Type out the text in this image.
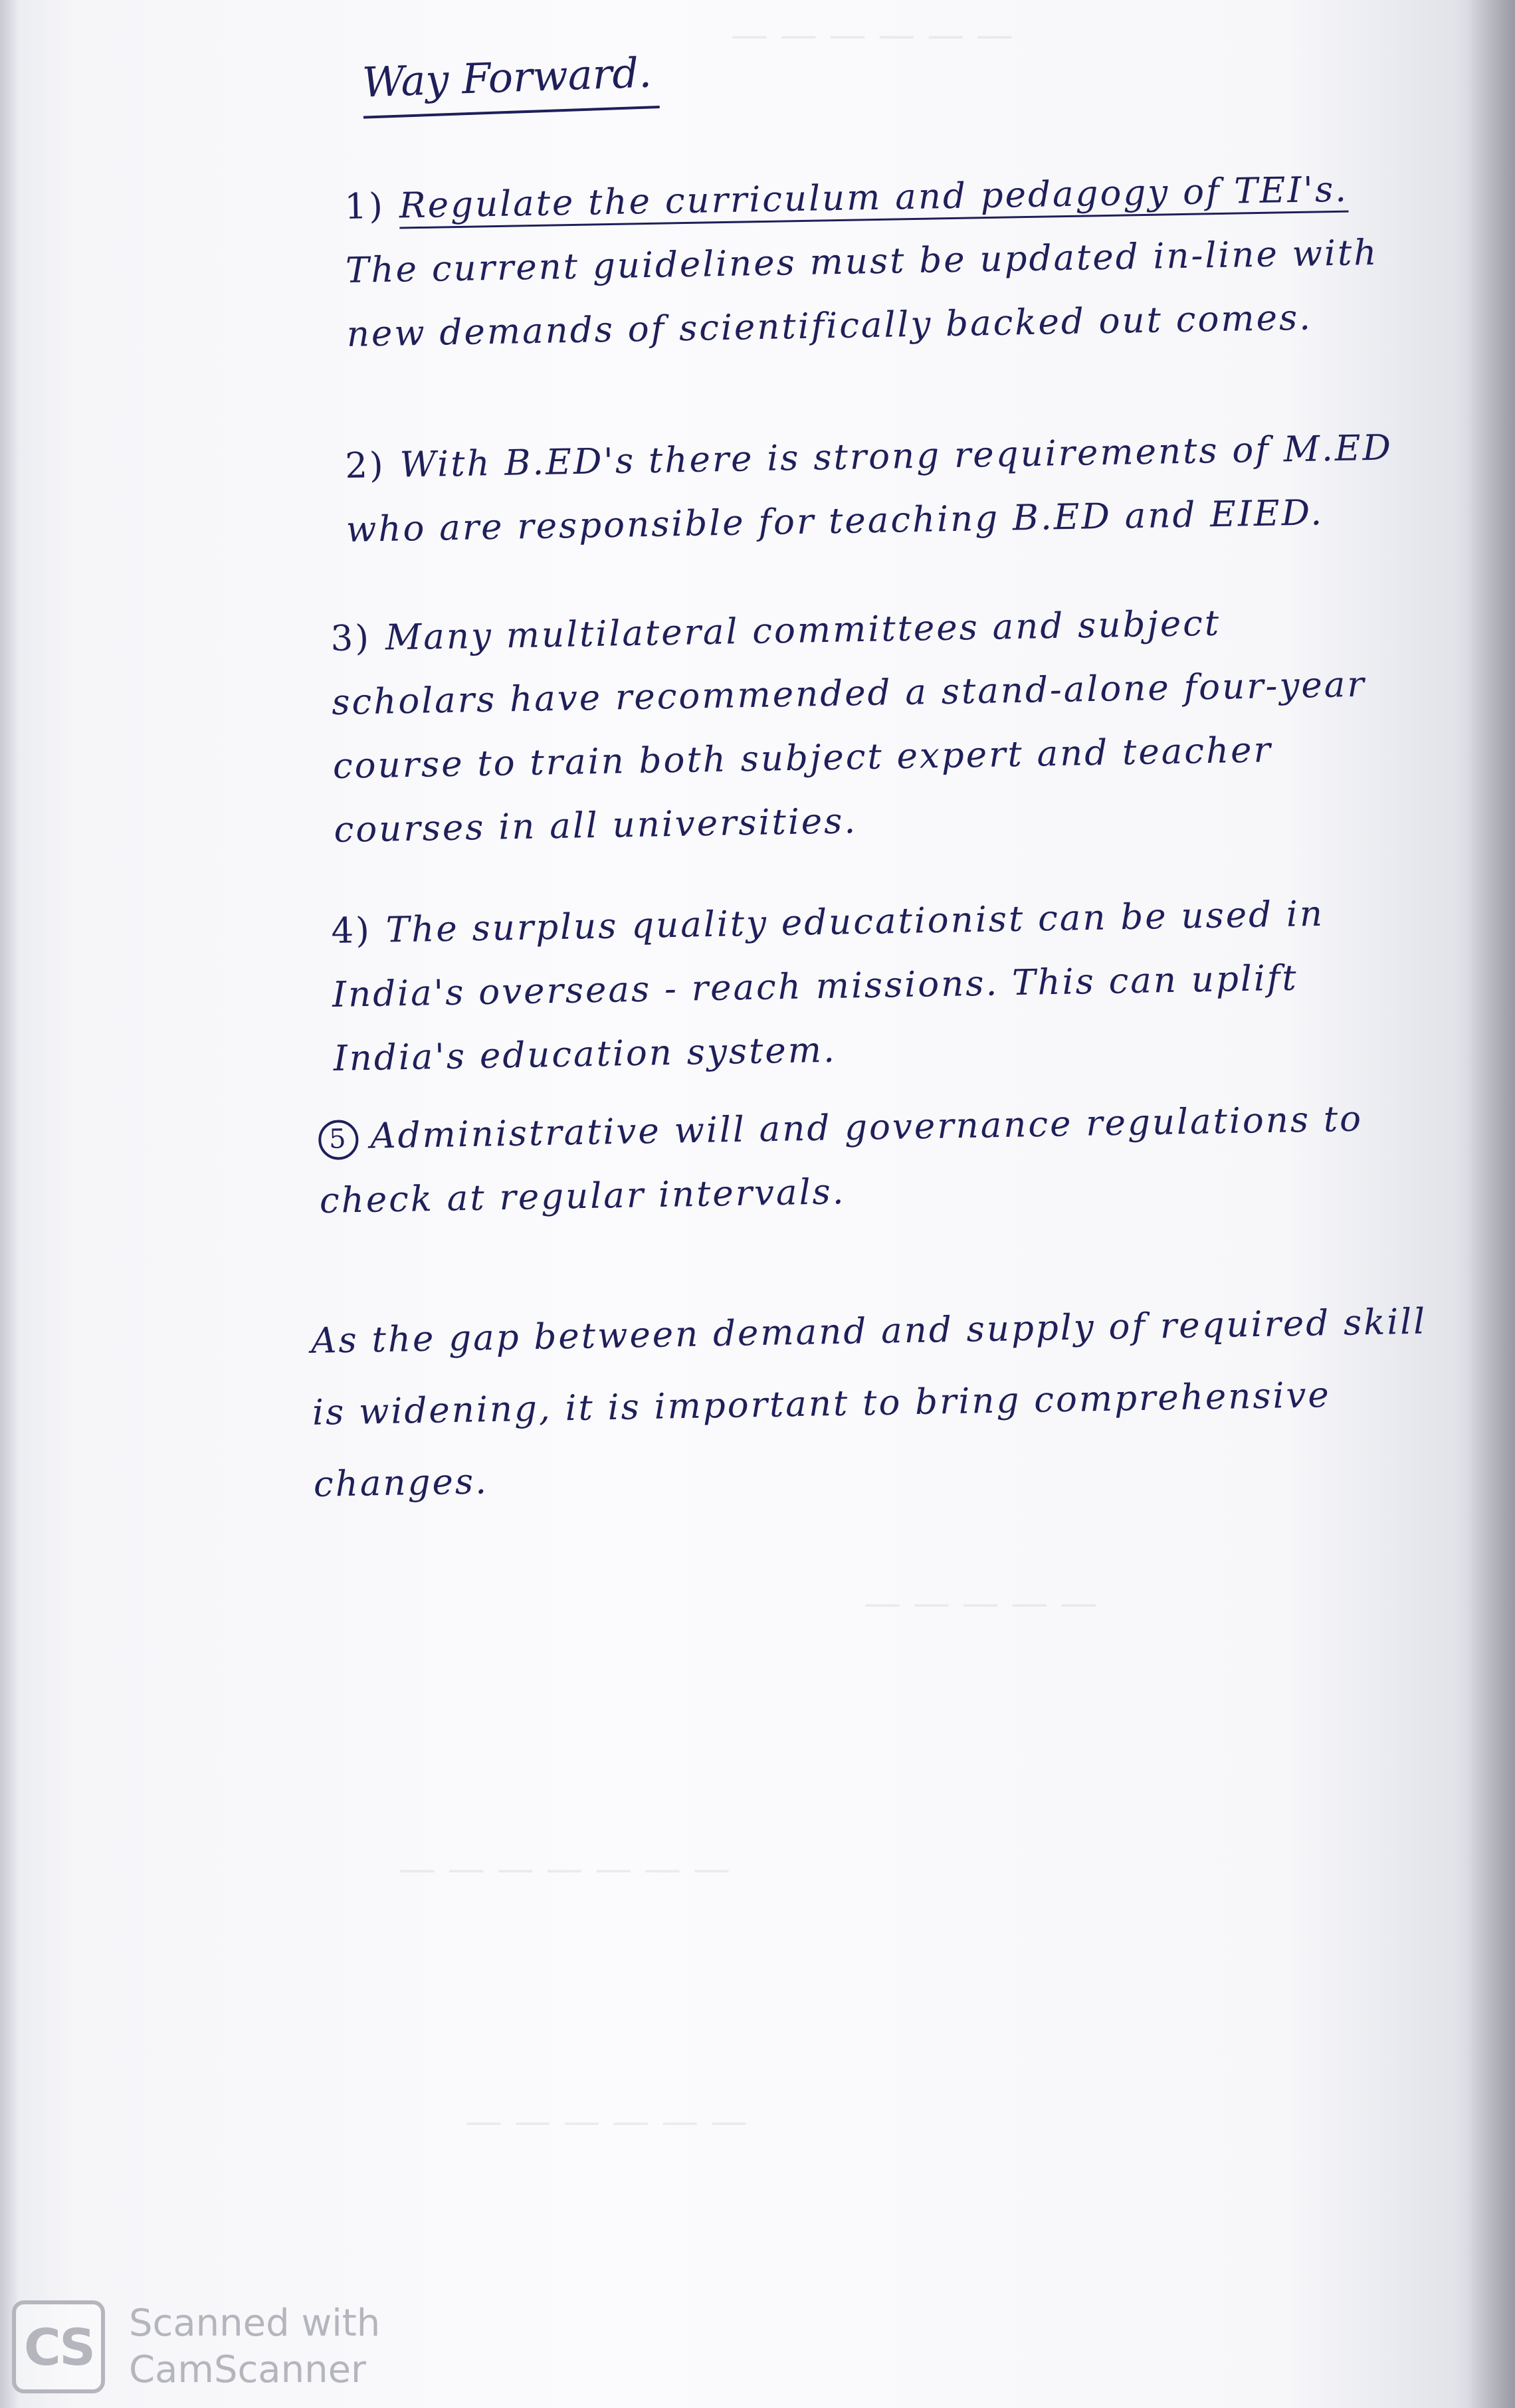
— — — — — —
— — — — —
— — — — — — —
— — — — — —
Way Forward.
1) Regulate the curriculum and pedagogy of TEI's.
The current guidelines must be updated in-line with new demands of scientifically backed out comes.
2) With B.ED's there is strong requirements of M.ED who are responsible for teaching B.ED and EIED.
3) Many multilateral committees and subject scholars have recommended a stand-alone four-year course to train both subject expert and teacher courses in all universities.
4) The surplus quality educationist can be used in India's overseas - reach missions. This can uplift India's education system.
5 Administrative will and governance regulations to check at regular intervals.
As the gap between demand and supply of required skill is widening, it is important to bring comprehensive changes.
CS Scanned with
CamScanner
